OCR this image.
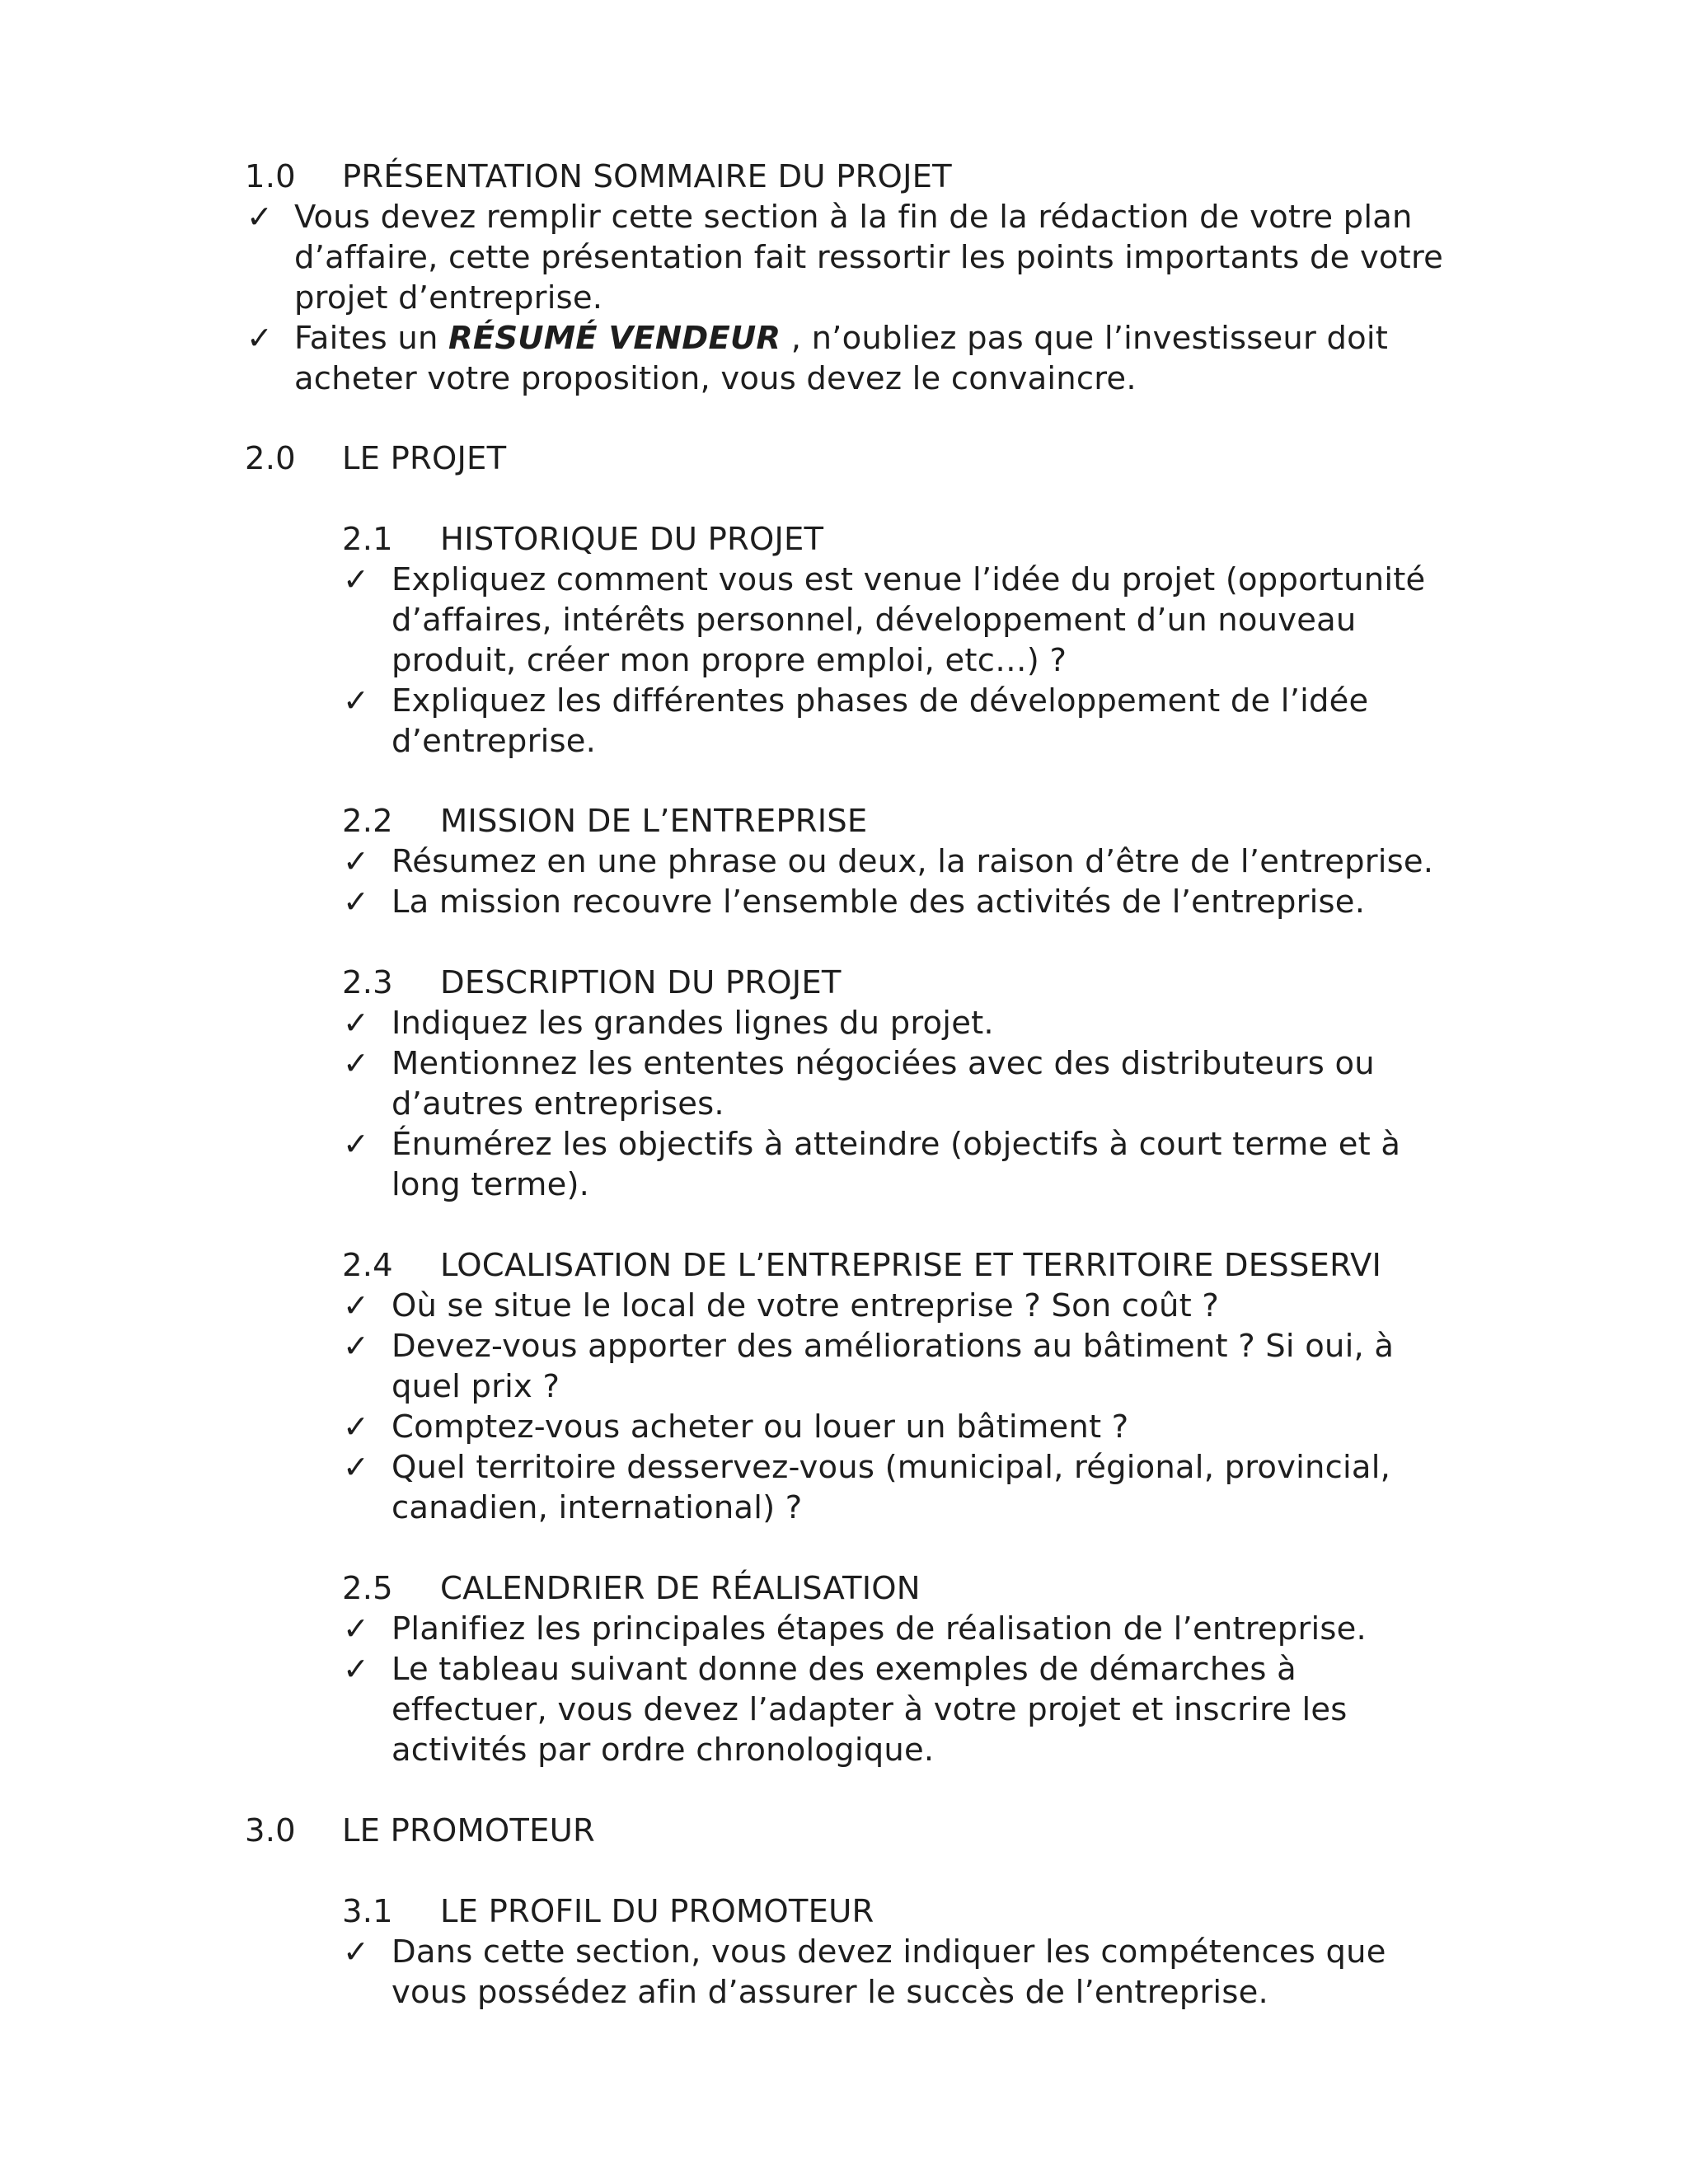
1.0 PRÉSENTATION SOMMAIRE DU PROJET
✓ Vous devez remplir cette section à la fin de la rédaction de votre plan
d’affaire, cette présentation fait ressortir les points importants de votre
projet d’entreprise.
✓ Faites un RÉSUMÉ VENDEUR , n’oubliez pas que l’investisseur doit
acheter votre proposition, vous devez le convaincre.
2.0 LE PROJET
2.1 HISTORIQUE DU PROJET
✓ Expliquez comment vous est venue l’idée du projet (opportunité
d’affaires, intérêts personnel, développement d’un nouveau
produit, créer mon propre emploi, etc…) ?
✓ Expliquez les différentes phases de développement de l’idée
d’entreprise.
2.2 MISSION DE L’ENTREPRISE
✓ Résumez en une phrase ou deux, la raison d’être de l’entreprise.
✓ La mission recouvre l’ensemble des activités de l’entreprise.
2.3 DESCRIPTION DU PROJET
✓ Indiquez les grandes lignes du projet.
✓ Mentionnez les ententes négociées avec des distributeurs ou
d’autres entreprises.
✓ Énumérez les objectifs à atteindre (objectifs à court terme et à
long terme).
2.4 LOCALISATION DE L’ENTREPRISE ET TERRITOIRE DESSERVI
✓ Où se situe le local de votre entreprise ? Son coût ?
✓ Devez-vous apporter des améliorations au bâtiment ? Si oui, à
quel prix ?
✓ Comptez-vous acheter ou louer un bâtiment ?
✓ Quel territoire desservez-vous (municipal, régional, provincial,
canadien, international) ?
2.5 CALENDRIER DE RÉALISATION
✓ Planifiez les principales étapes de réalisation de l’entreprise.
✓ Le tableau suivant donne des exemples de démarches à
effectuer, vous devez l’adapter à votre projet et inscrire les
activités par ordre chronologique.
3.0 LE PROMOTEUR
3.1 LE PROFIL DU PROMOTEUR
✓ Dans cette section, vous devez indiquer les compétences que
vous possédez afin d’assurer le succès de l’entreprise.
